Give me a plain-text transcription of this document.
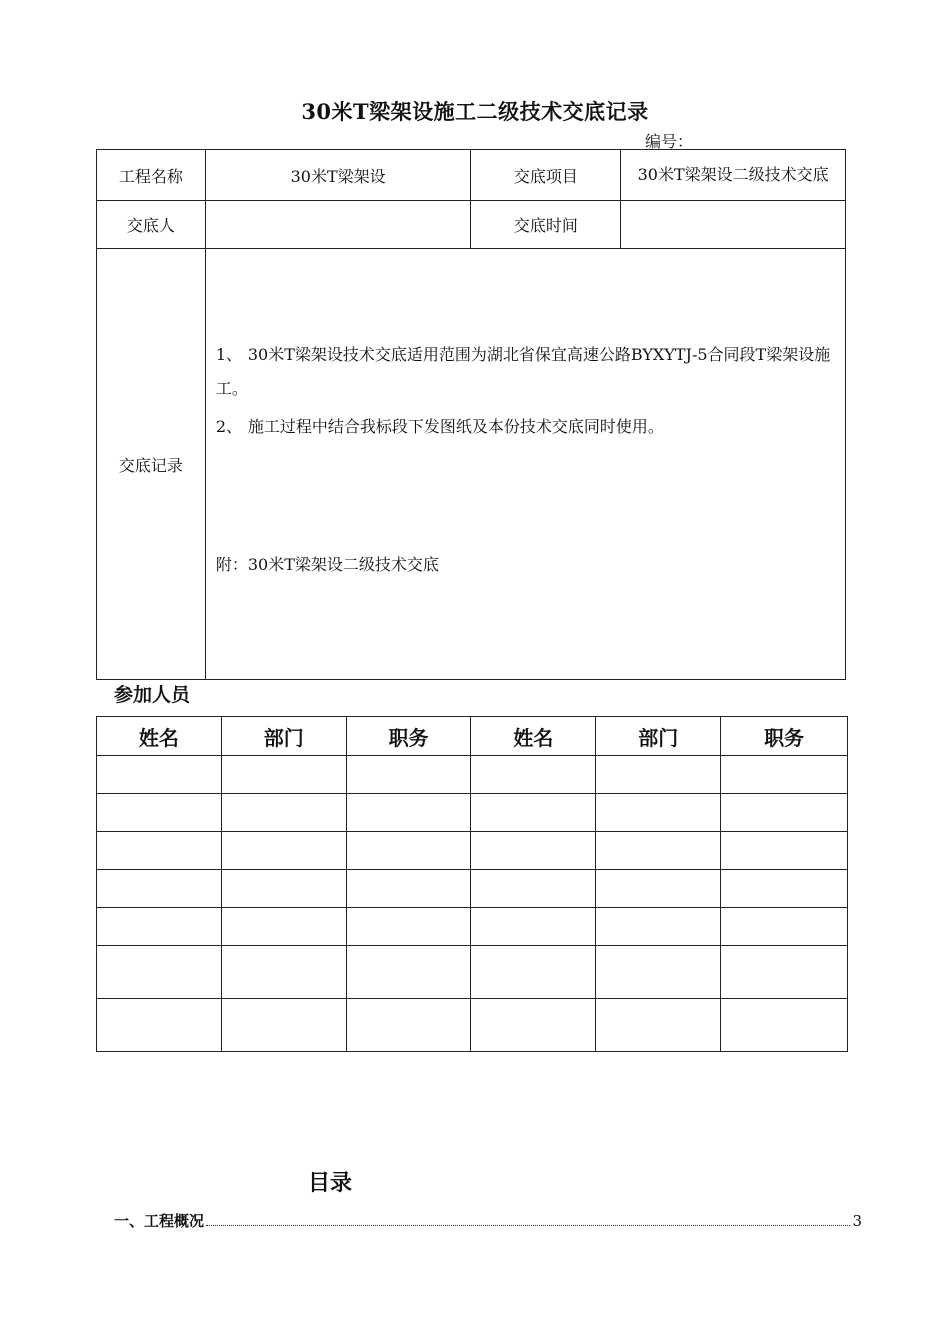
30米T梁架设施工二级技术交底记录
编号：
工程名称	30米T梁架设	交底项目	30米T梁架设二级技术交底
交底人		交底时间	
交底记录	1、 30米T梁架设技术交底适用范围为湖北省保宜高速公路BYXYTJ-5合同段T梁架设施工。
2、 施工过程中结合我标段下发图纸及本份技术交底同时使用。
附：30米T梁架设二级技术交底		
参加人员
姓名	部门	职务	姓名	部门	职务

目录
一、工程概况	3
